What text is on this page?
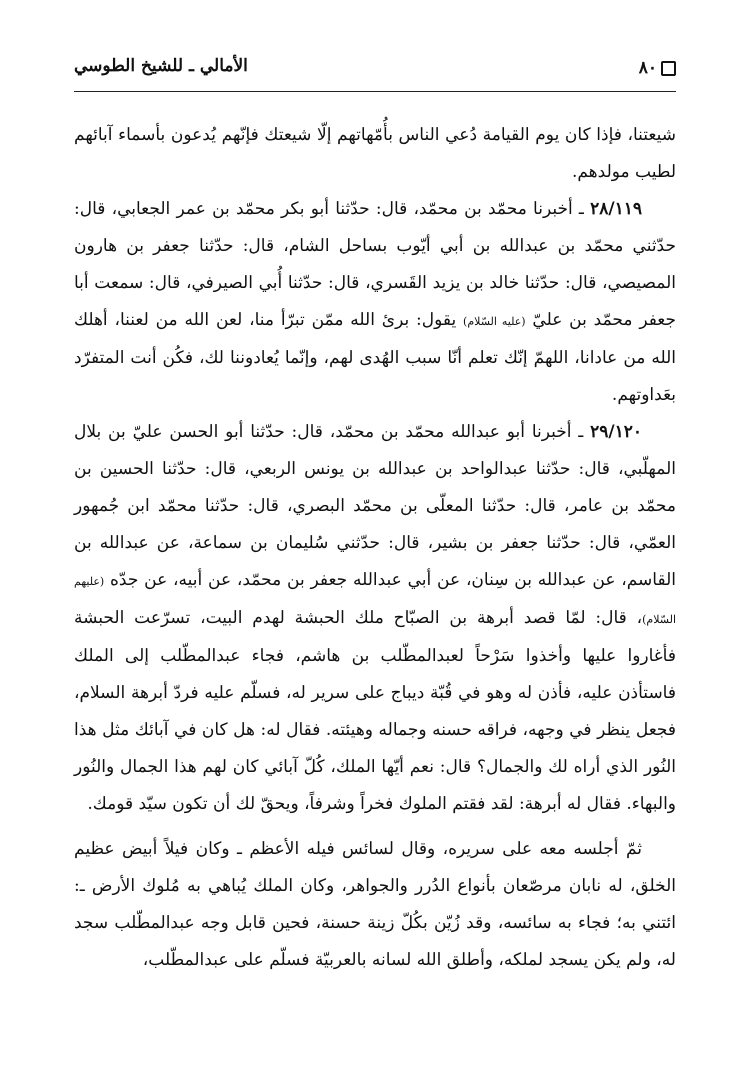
٨٠
الأمالي ـ للشيخ الطوسي

شيعتنا، فإذا كان يوم القيامة دُعي الناس بأُمّهاتهم إلّا شيعتك فإنّهم يُدعون بأسماء آبائهم لطيب مولدهم.

٢٨/١١٩ ـ أخبرنا محمّد بن محمّد، قال: حدّثنا أبو بكر محمّد بن عمر الجعابي، قال: حدّثني محمّد بن عبدالله بن أبي أيّوب بساحل الشام، قال: حدّثنا جعفر بن هارون المصيصي، قال: حدّثنا خالد بن يزيد القَسري، قال: حدّثنا أُبي الصيرفي، قال: سمعت أبا جعفر محمّد بن عليّ (عليه السّلام) يقول: برئ الله ممّن تبرّأ منا، لعن الله من لعننا، أهلك الله من عادانا، اللهمّ إنّك تعلم أنّا سبب الهُدى لهم، وإنّما يُعادوننا لك، فكُن أنت المتفرّد بعَداوتهم.

٢٩/١٢٠ ـ أخبرنا أبو عبدالله محمّد بن محمّد، قال: حدّثنا أبو الحسن عليّ بن بلال المهلّبي، قال: حدّثنا عبدالواحد بن عبدالله بن يونس الربعي، قال: حدّثنا الحسين بن محمّد بن عامر، قال: حدّثنا المعلّى بن محمّد البصري، قال: حدّثنا محمّد ابن جُمهور العمّي، قال: حدّثنا جعفر بن بشير، قال: حدّثني سُليمان بن سماعة، عن عبدالله بن القاسم، عن عبدالله بن سِنان، عن أبي عبدالله جعفر بن محمّد، عن أبيه، عن جدّه (عليهم السّلام)، قال: لمّا قصد أبرهة بن الصبّاح ملك الحبشة لهدم البيت، تسرّعت الحبشة فأغاروا عليها وأخذوا سَرْحاً لعبدالمطّلب بن هاشم، فجاء عبدالمطّلب إلى الملك فاستأذن عليه، فأذن له وهو في قُبّة ديباج على سرير له، فسلّم عليه فردّ أبرهة السلام، فجعل ينظر في وجهه، فراقه حسنه وجماله وهيئته. فقال له: هل كان في آبائك مثل هذا النُور الذي أراه لك والجمال؟ قال: نعم أيّها الملك، كُلّ آبائي كان لهم هذا الجمال والنُور والبهاء. فقال له أبرهة: لقد فقتم الملوك فخراً وشرفاً، ويحقّ لك أن تكون سيّد قومك.

ثمّ أجلسه معه على سريره، وقال لسائس فيله الأعظم ـ وكان فيلاً أبيض عظيم الخلق، له نابان مرصّعان بأنواع الدُرر والجواهر، وكان الملك يُباهي به مُلوك الأرض ـ: ائتني به؛ فجاء به سائسه، وقد زُيّن بكُلّ زينة حسنة، فحين قابل وجه عبدالمطّلب سجد له، ولم يكن يسجد لملكه، وأطلق الله لسانه بالعربيّة فسلّم على عبدالمطّلب،
